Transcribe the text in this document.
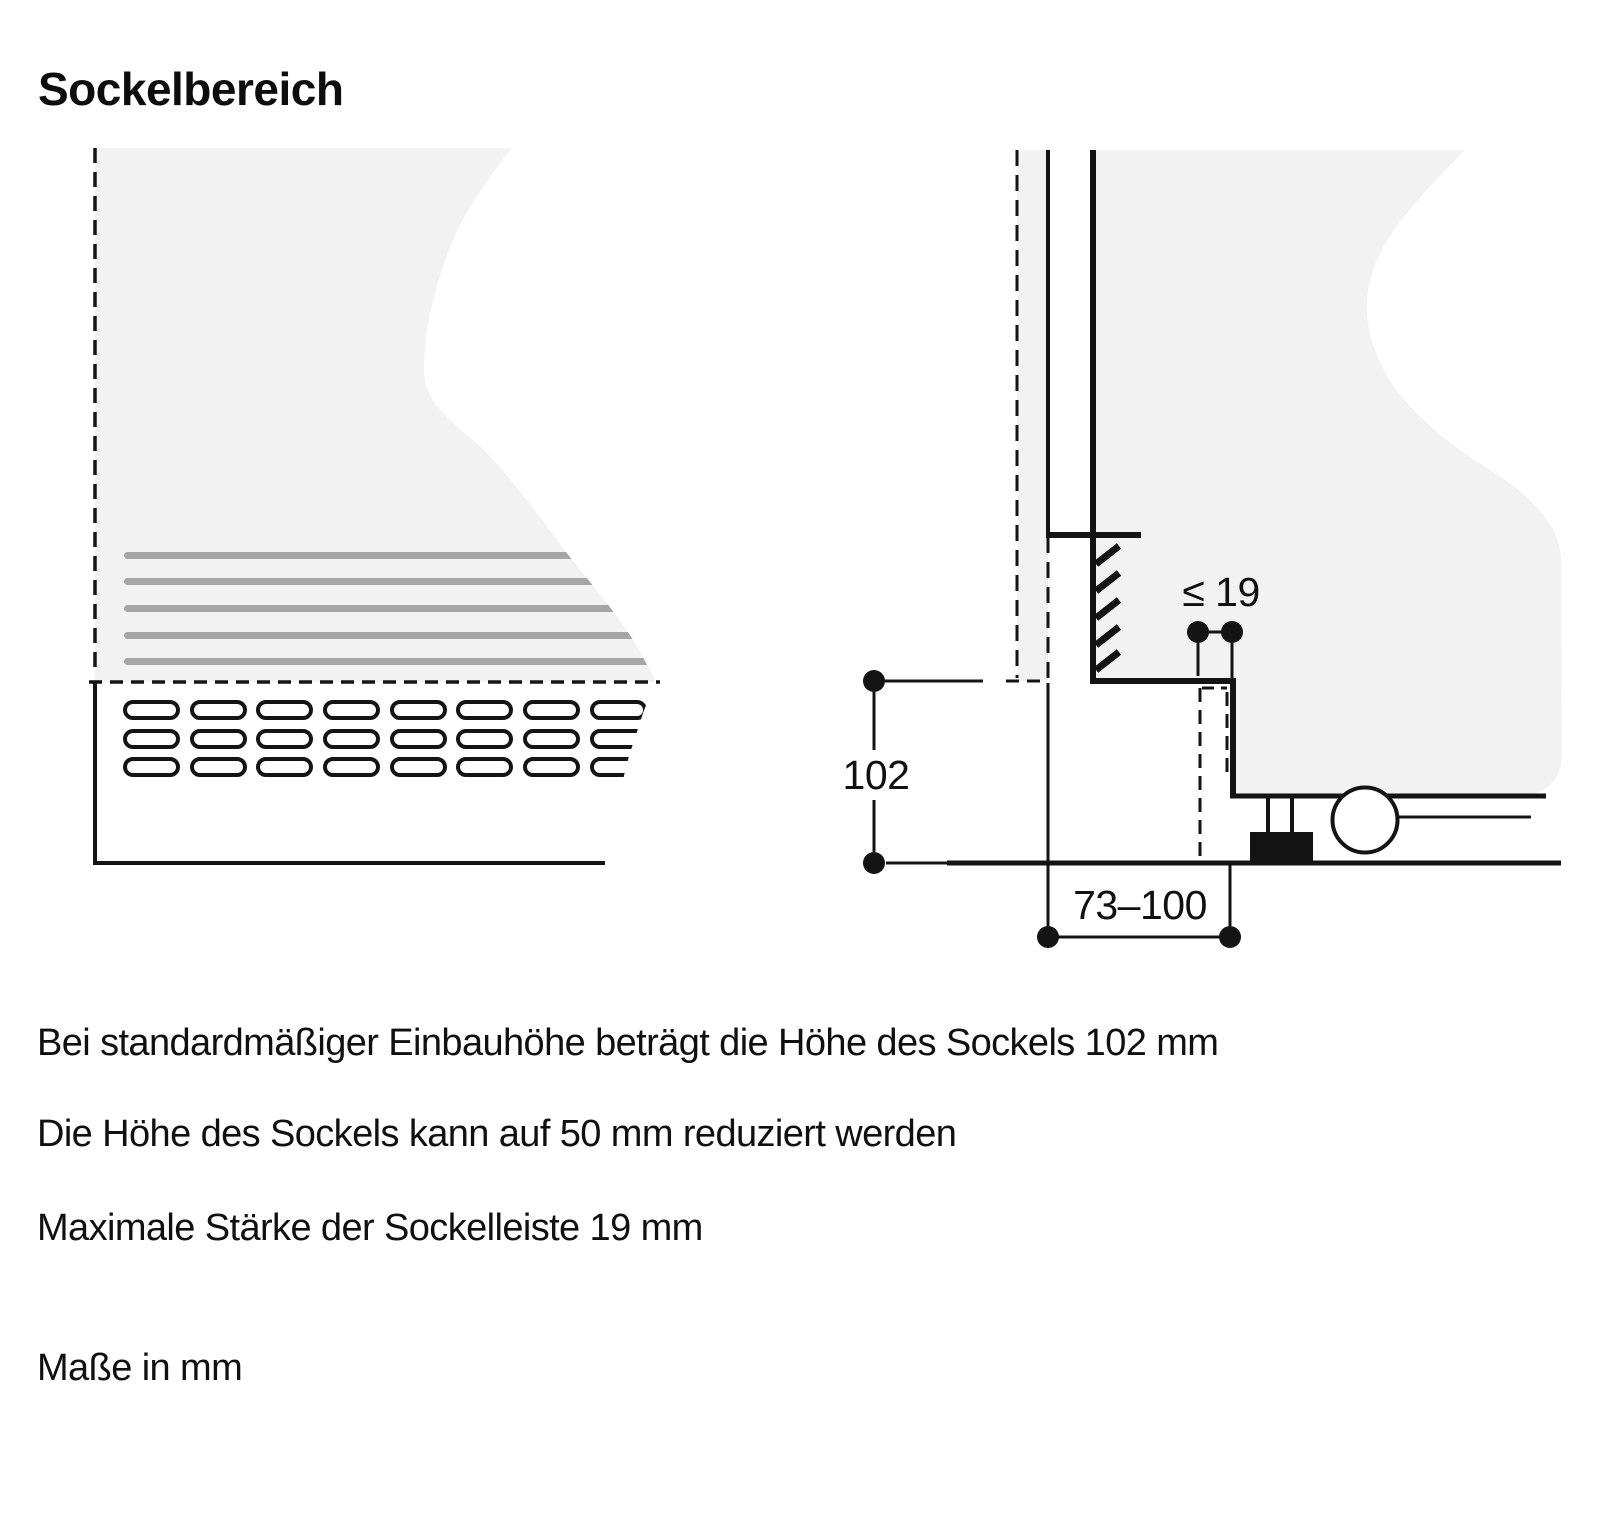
Sockelbereich
102
≤ 19
73–100
Bei standardmäßiger Einbauhöhe beträgt die Höhe des Sockels 102 mm
Die Höhe des Sockels kann auf 50 mm reduziert werden
Maximale Stärke der Sockelleiste 19 mm
Maße in mm
